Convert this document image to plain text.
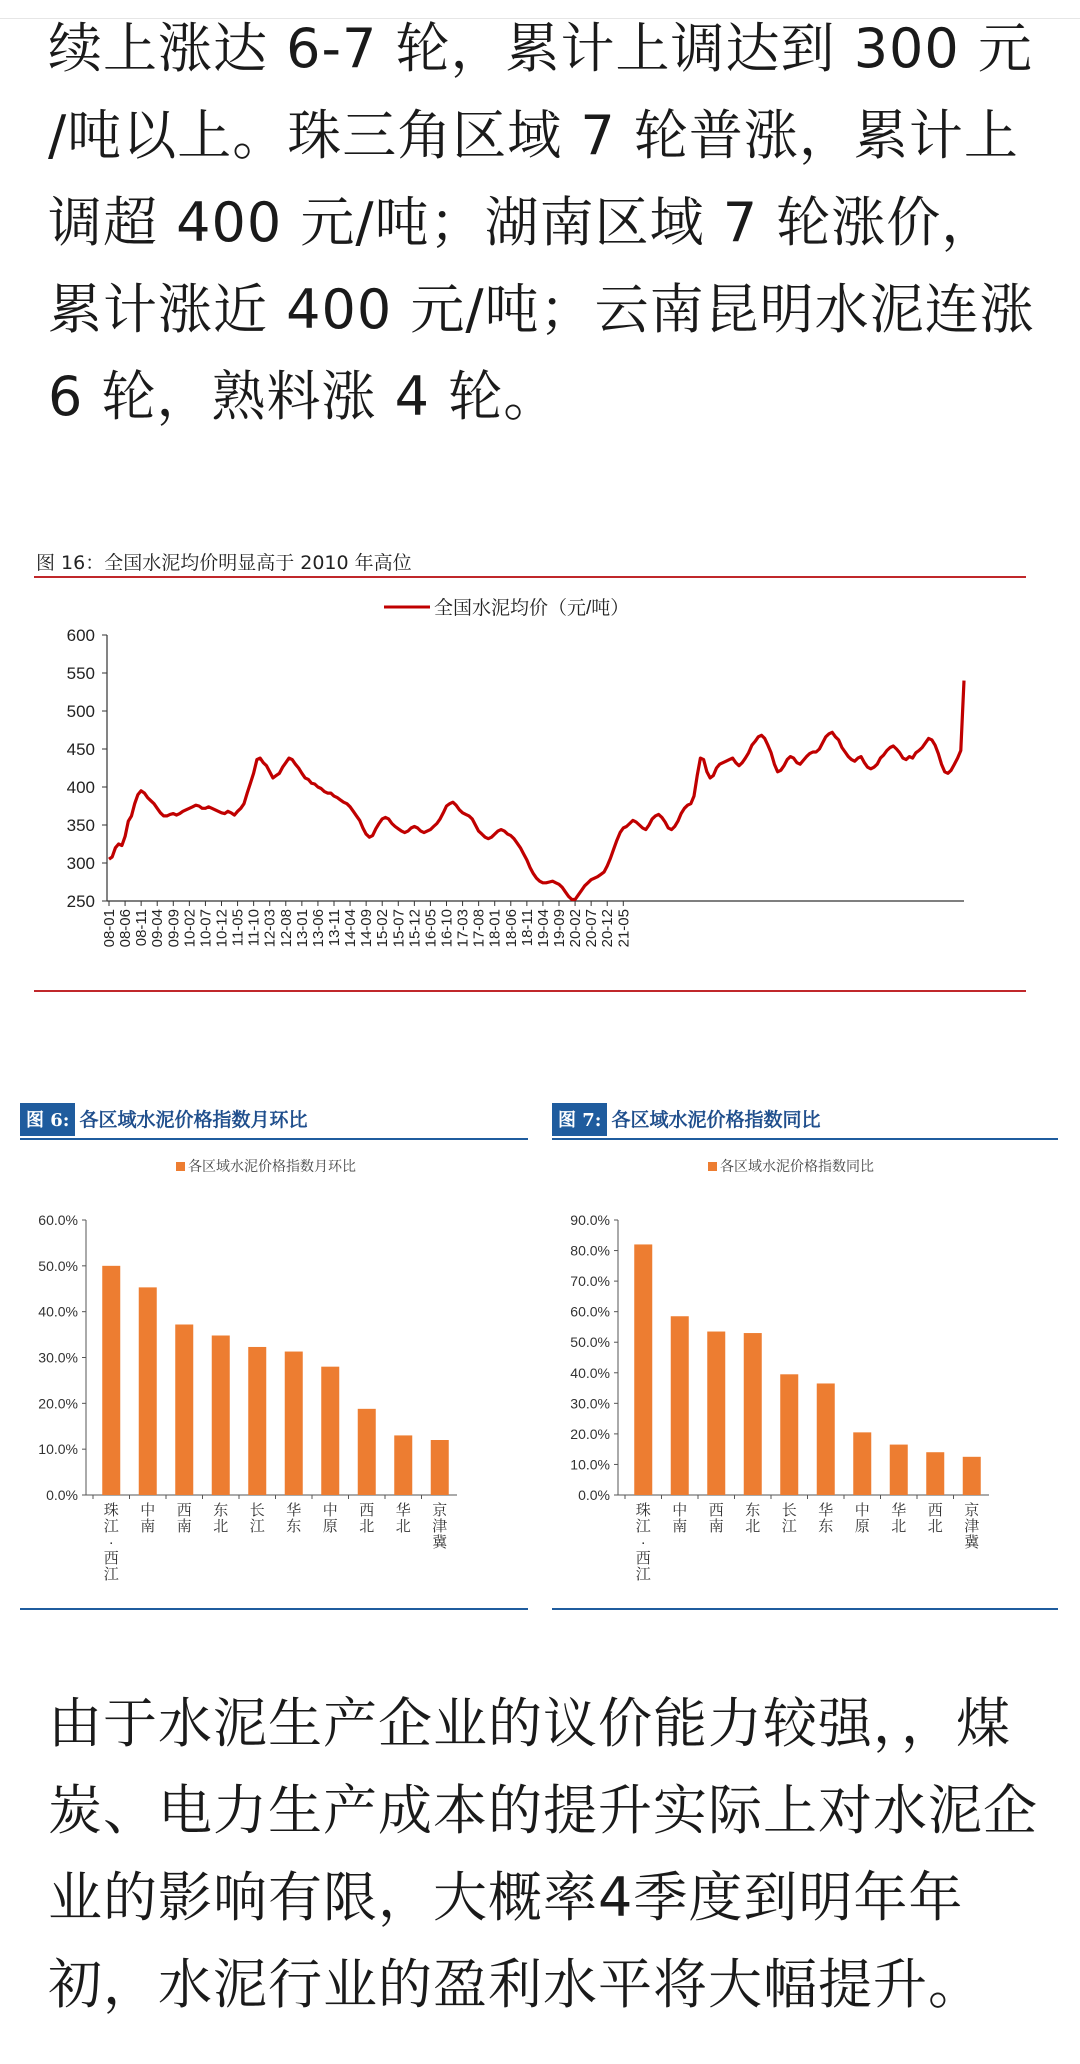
续上涨达 6-7 轮，累计上调达到 300 元 /吨以上。珠三角区域 7 轮普涨，累计上调超 400 元/吨；湖南区域 7 轮涨价，累计涨近 400 元/吨；云南昆明水泥连涨 6 轮，熟料涨 4 轮。
图 16：全国水泥均价明显高于 2010 年高位
全国水泥均价（元/吨）
250
300
350
400
450
500
550
600
08-01 08-06 08-11 09-04 09-09 10-02 10-07 10-12 11-05 11-10 12-03 12-08 13-01 13-06 13-11 14-04 14-09 15-02 15-07 15-12 16-05 16-10 17-03 17-08 18-01 18-06 18-11 19-04 19-09 20-02 20-07 20-12 21-05
图 6: 各区域水泥价格指数月环比
各区域水泥价格指数月环比
0.0%
10.0%
20.0%
30.0%
40.0%
50.0%
60.0%
珠江·西江
中南
西南
东北
长江
华东
中原
西北
华北
京津冀
图 7: 各区域水泥价格指数同比
各区域水泥价格指数同比
0.0%
10.0%
20.0%
30.0%
40.0%
50.0%
60.0%
70.0%
80.0%
90.0%
珠江·西江
中南
西南
东北
长江
华东
中原
华北
西北
京津冀
由于水泥生产企业的议价能力较强，，煤炭、电力生产成本的提升实际上对水泥企业的影响有限，大概率4季度到明年年初，水泥行业的盈利水平将大幅提升。
